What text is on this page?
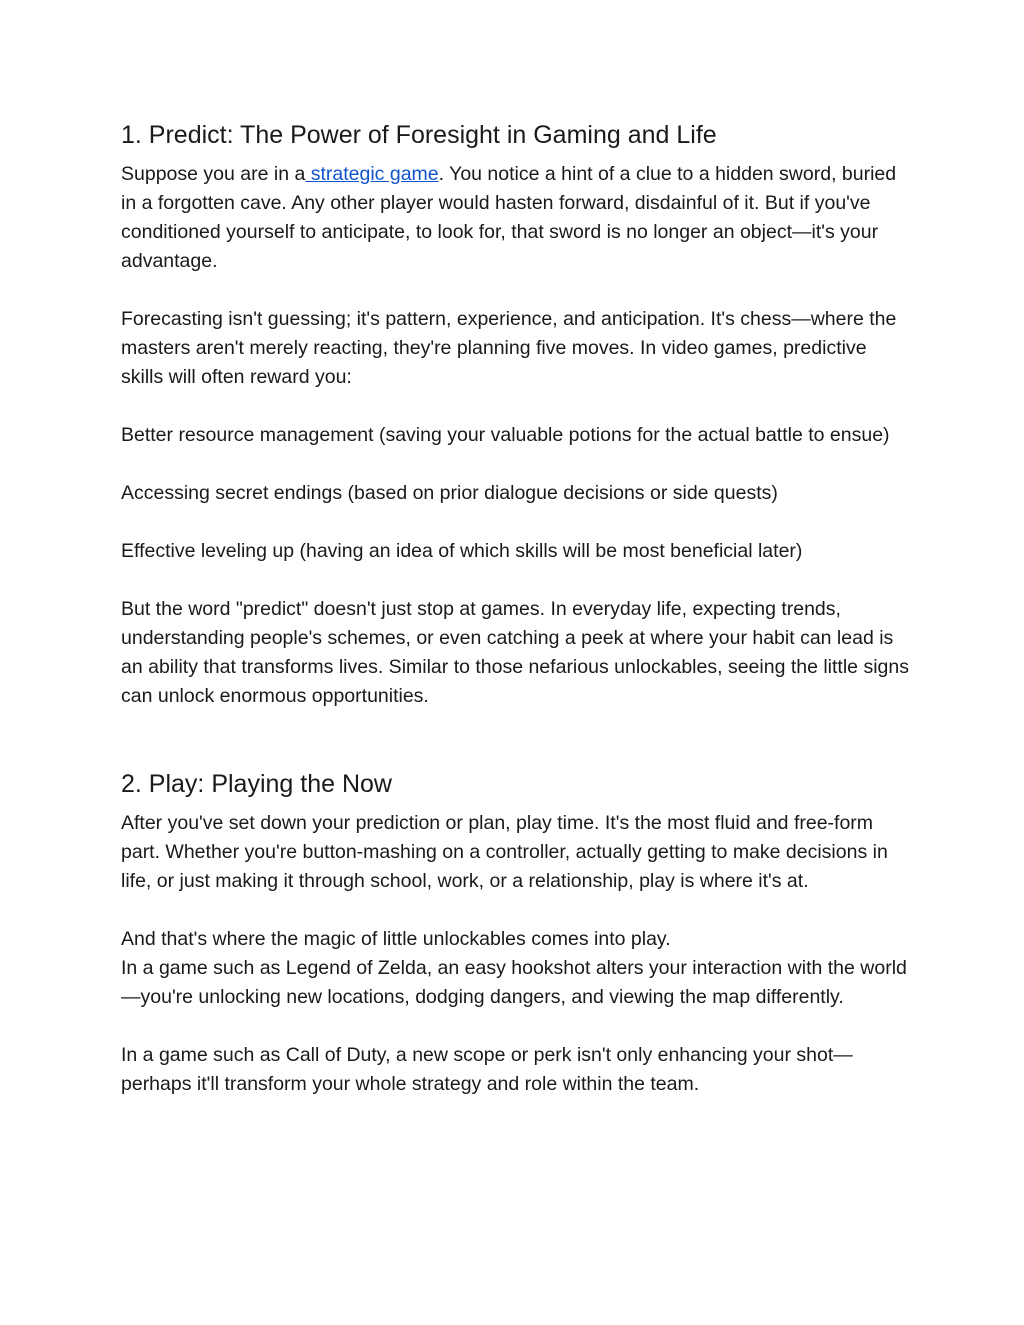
1. Predict: The Power of Foresight in Gaming and Life

Suppose you are in a strategic game. You notice a hint of a clue to a hidden sword, buried in a forgotten cave. Any other player would hasten forward, disdainful of it. But if you've conditioned yourself to anticipate, to look for, that sword is no longer an object—it's your advantage.

Forecasting isn't guessing; it's pattern, experience, and anticipation. It's chess—where the masters aren't merely reacting, they're planning five moves. In video games, predictive skills will often reward you:

Better resource management (saving your valuable potions for the actual battle to ensue)

Accessing secret endings (based on prior dialogue decisions or side quests)

Effective leveling up (having an idea of which skills will be most beneficial later)

But the word "predict" doesn't just stop at games. In everyday life, expecting trends, understanding people's schemes, or even catching a peek at where your habit can lead is an ability that transforms lives. Similar to those nefarious unlockables, seeing the little signs can unlock enormous opportunities.

2. Play: Playing the Now

After you've set down your prediction or plan, play time. It's the most fluid and free-form part. Whether you're button-mashing on a controller, actually getting to make decisions in life, or just making it through school, work, or a relationship, play is where it's at.

And that's where the magic of little unlockables comes into play.

In a game such as Legend of Zelda, an easy hookshot alters your interaction with the world—you're unlocking new locations, dodging dangers, and viewing the map differently.

In a game such as Call of Duty, a new scope or perk isn't only enhancing your shot—perhaps it'll transform your whole strategy and role within the team.
